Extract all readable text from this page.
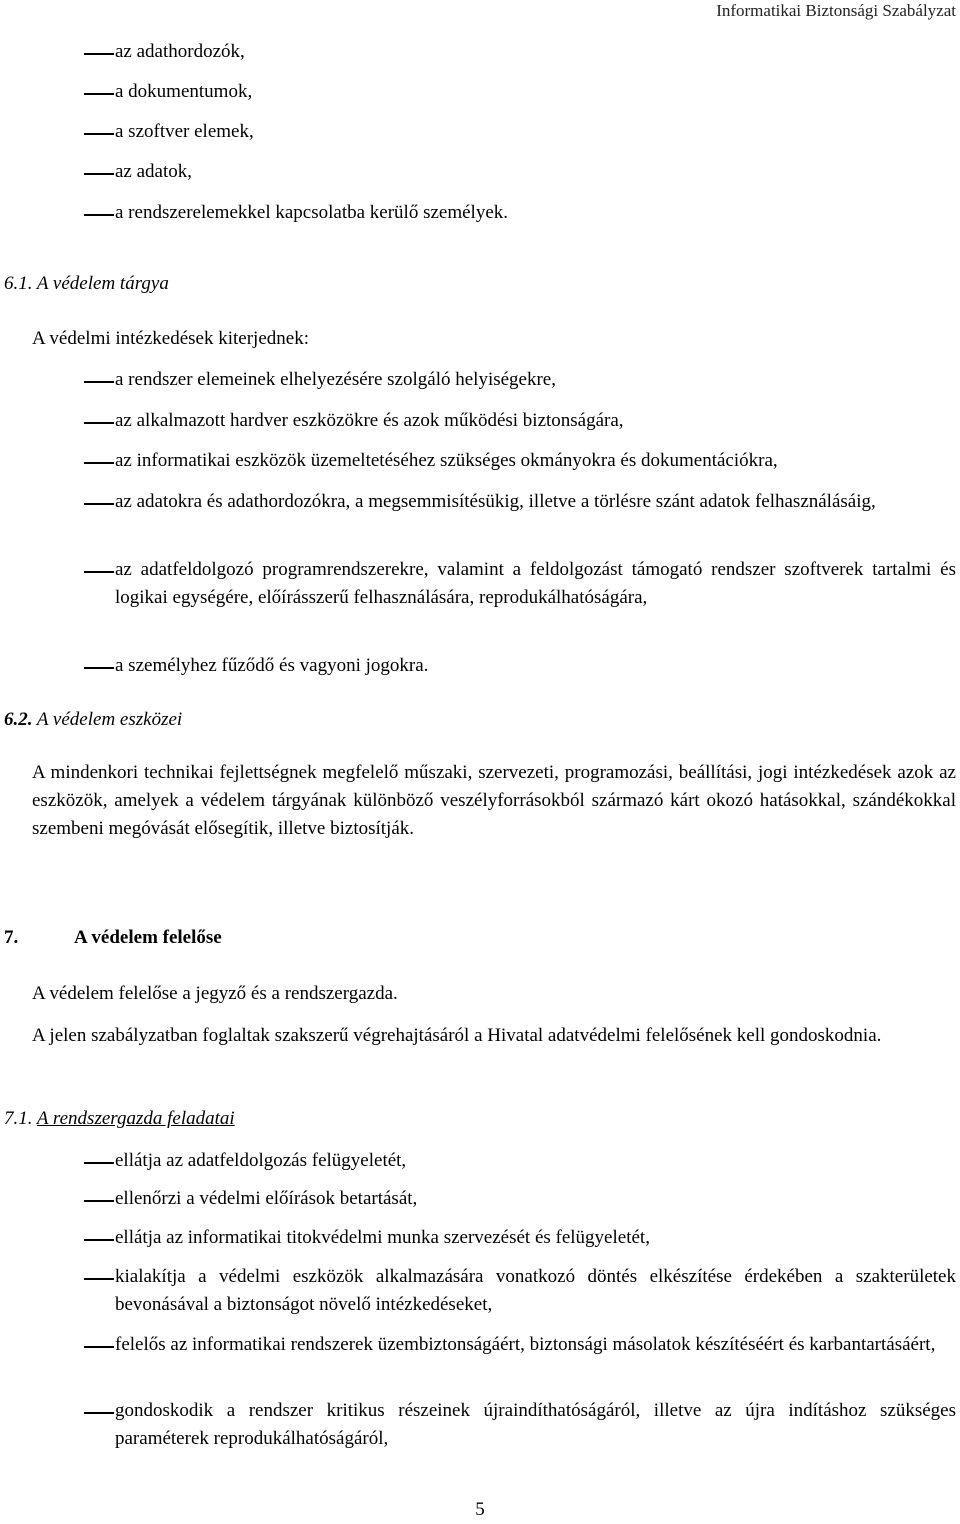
Informatikai Biztonsági Szabályzat
az adathordozók,
a dokumentumok,
a szoftver elemek,
az adatok,
a rendszerelemekkel kapcsolatba kerülő személyek.
6.1. A védelem tárgya
A védelmi intézkedések kiterjednek:
a rendszer elemeinek elhelyezésére szolgáló helyiségekre,
az alkalmazott hardver eszközökre és azok működési biztonságára,
az informatikai eszközök üzemeltetéséhez szükséges okmányokra és dokumentációkra,
az adatokra és adathordozókra, a megsemmisítésükig, illetve a törlésre szánt adatok felhasználásáig,
az adatfeldolgozó programrendszerekre, valamint a feldolgozást támogató rendszer szoftverek tartalmi és logikai egységére, előírásszerű felhasználására, reprodukálhatóságára,
a személyhez fűződő és vagyoni jogokra.
6.2. A védelem eszközei
A mindenkori technikai fejlettségnek megfelelő műszaki, szervezeti, programozási, beállítási, jogi intézkedések azok az eszközök, amelyek a védelem tárgyának különböző veszélyforrásokból származó kárt okozó hatásokkal, szándékokkal szembeni megóvását elősegítik, illetve biztosítják.
7.	A védelem felelőse
A védelem felelőse a jegyző és a rendszergazda.
A jelen szabályzatban foglaltak szakszerű végrehajtásáról a Hivatal adatvédelmi felelősének kell gondoskodnia.
7.1. A rendszergazda feladatai
ellátja az adatfeldolgozás felügyeletét,
ellenőrzi a védelmi előírások betartását,
ellátja az informatikai titokvédelmi munka szervezését és felügyeletét,
kialakítja a védelmi eszközök alkalmazására vonatkozó döntés elkészítése érdekében a szakterületek bevonásával a biztonságot növelő intézkedéseket,
felelős az informatikai rendszerek üzembiztonságáért, biztonsági másolatok készítéséért és karbantartásáért,
gondoskodik a rendszer kritikus részeinek újraindíthatóságáról, illetve az újra indításhoz szükséges paraméterek reprodukálhatóságáról,
5
